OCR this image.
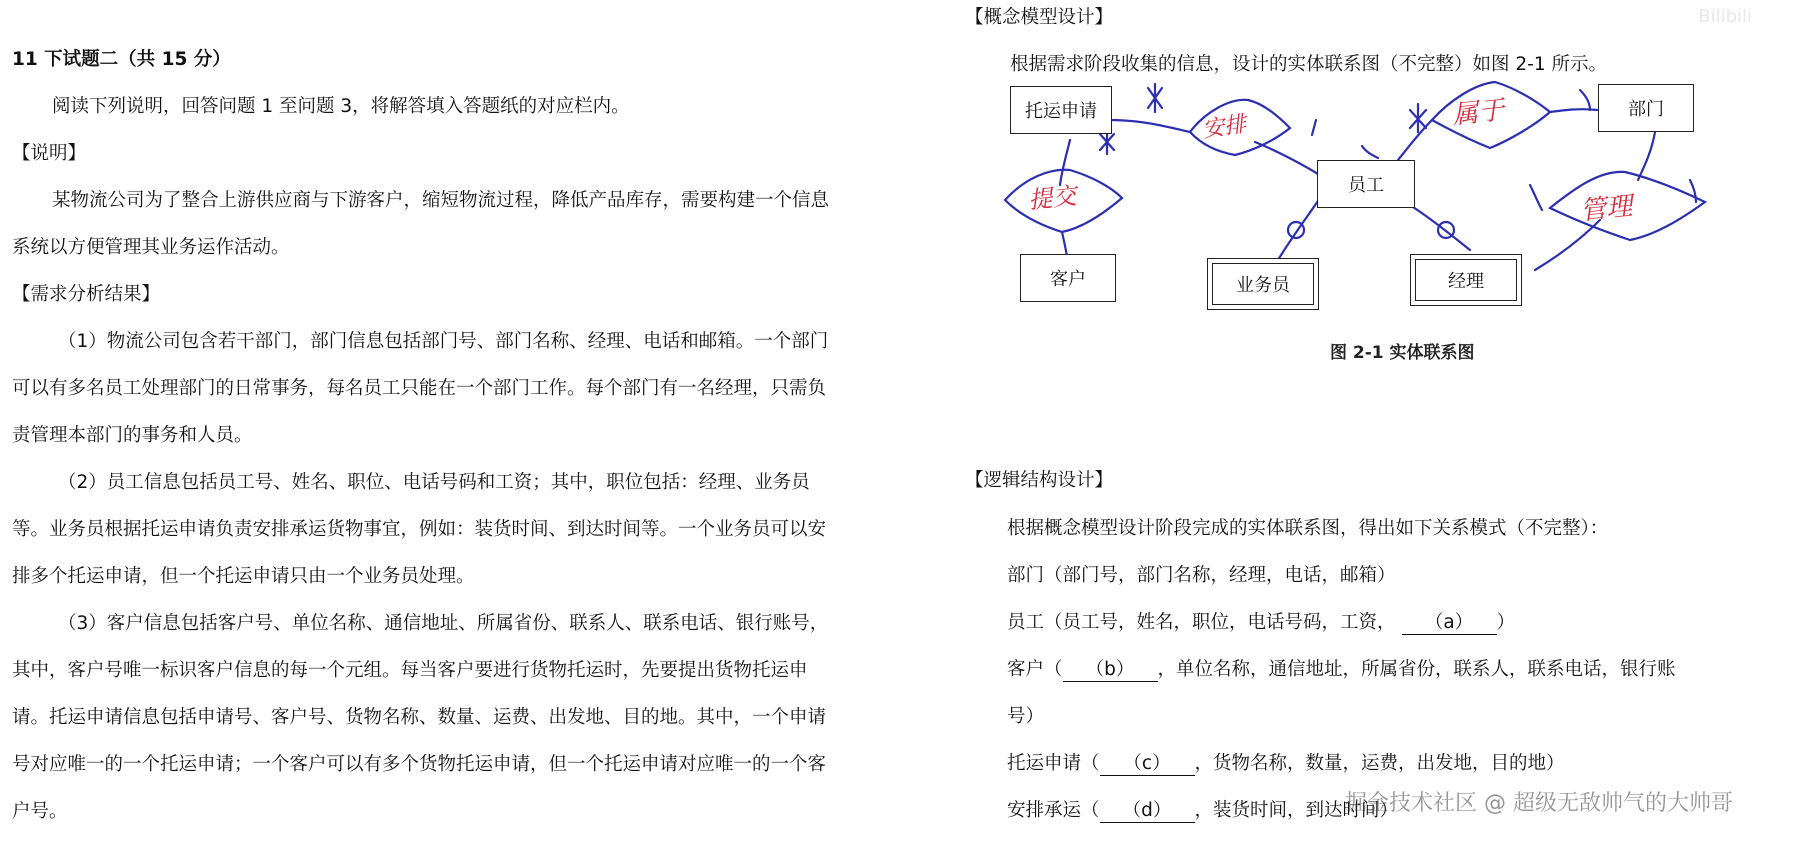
11 下试题二（共 15 分）

阅读下列说明，回答问题 1 至问题 3，将解答填入答题纸的对应栏内。

【说明】

某物流公司为了整合上游供应商与下游客户，缩短物流过程，降低产品库存，需要构建一个信息系统以方便管理其业务运作活动。

【需求分析结果】

（1）物流公司包含若干部门，部门信息包括部门号、部门名称、经理、电话和邮箱。一个部门可以有多名员工处理部门的日常事务，每名员工只能在一个部门工作。每个部门有一名经理，只需负责管理本部门的事务和人员。

（2）员工信息包括员工号、姓名、职位、电话号码和工资；其中，职位包括：经理、业务员等。业务员根据托运申请负责安排承运货物事宜，例如：装货时间、到达时间等。一个业务员可以安排多个托运申请，但一个托运申请只由一个业务员处理。

（3）客户信息包括客户号、单位名称、通信地址、所属省份、联系人、联系电话、银行账号，其中，客户号唯一标识客户信息的每一个元组。每当客户要进行货物托运时，先要提出货物托运申请。托运申请信息包括申请号、客户号、货物名称、数量、运费、出发地、目的地。其中，一个申请号对应唯一的一个托运申请；一个客户可以有多个货物托运申请，但一个托运申请对应唯一的一个客户号。

【概念模型设计】

根据需求阶段收集的信息，设计的实体联系图（不完整）如图 2-1 所示。

【逻辑结构设计】

根据概念模型设计阶段完成的实体联系图，得出如下关系模式（不完整）：

部门（部门号，部门名称，经理，电话，邮箱）

员工（员工号，姓名，职位，电话号码，工资， （a） ）

客户（ （b） ，单位名称，通信地址，所属省份，联系人，联系电话，银行账

号）

托运申请（ （c） ，货物名称，数量，运费，出发地，目的地）

安排承运（ （d） ，装货时间，到达时间）

托运申请	部门
员工
客户	业务员	经理
安排	属于
提交	管理
图 2-1 实体联系图
Bilibili
掘金技术社区 @ 超级无敌帅气的大帅哥
